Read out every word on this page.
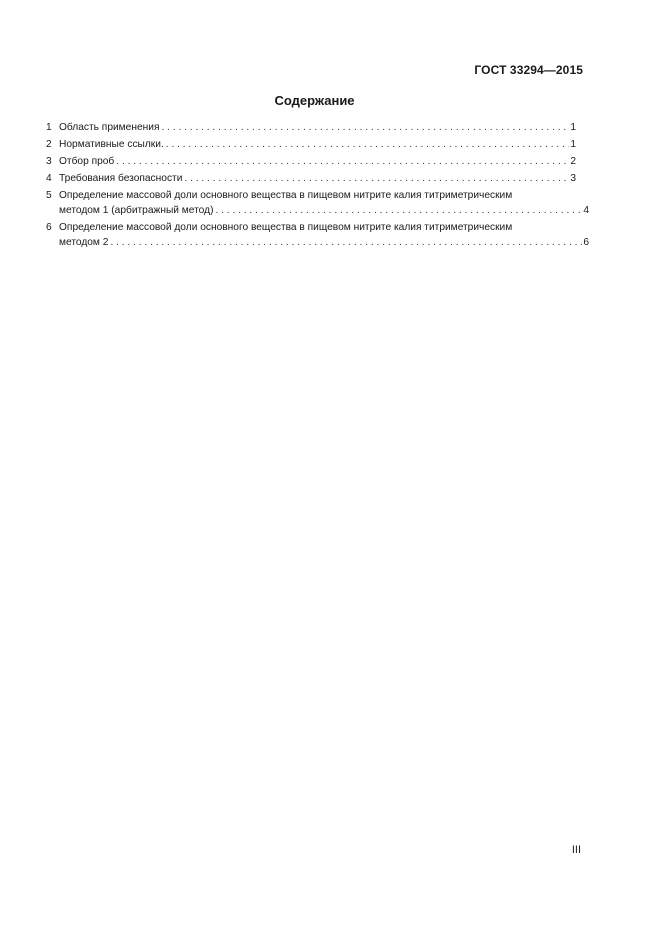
ГОСТ 33294—2015
Содержание
1 Область применения . . .	1
2 Нормативные ссылки. . . .	1
3 Отбор проб . . .	2
4 Требования безопасности . . .	3
5 Определение массовой доли основного вещества в пищевом нитрите калия титриметрическим
методом 1 (арбитражный метод) . . .	4
6 Определение массовой доли основного вещества в пищевом нитрите калия титриметрическим
методом 2 . . .	6
III
